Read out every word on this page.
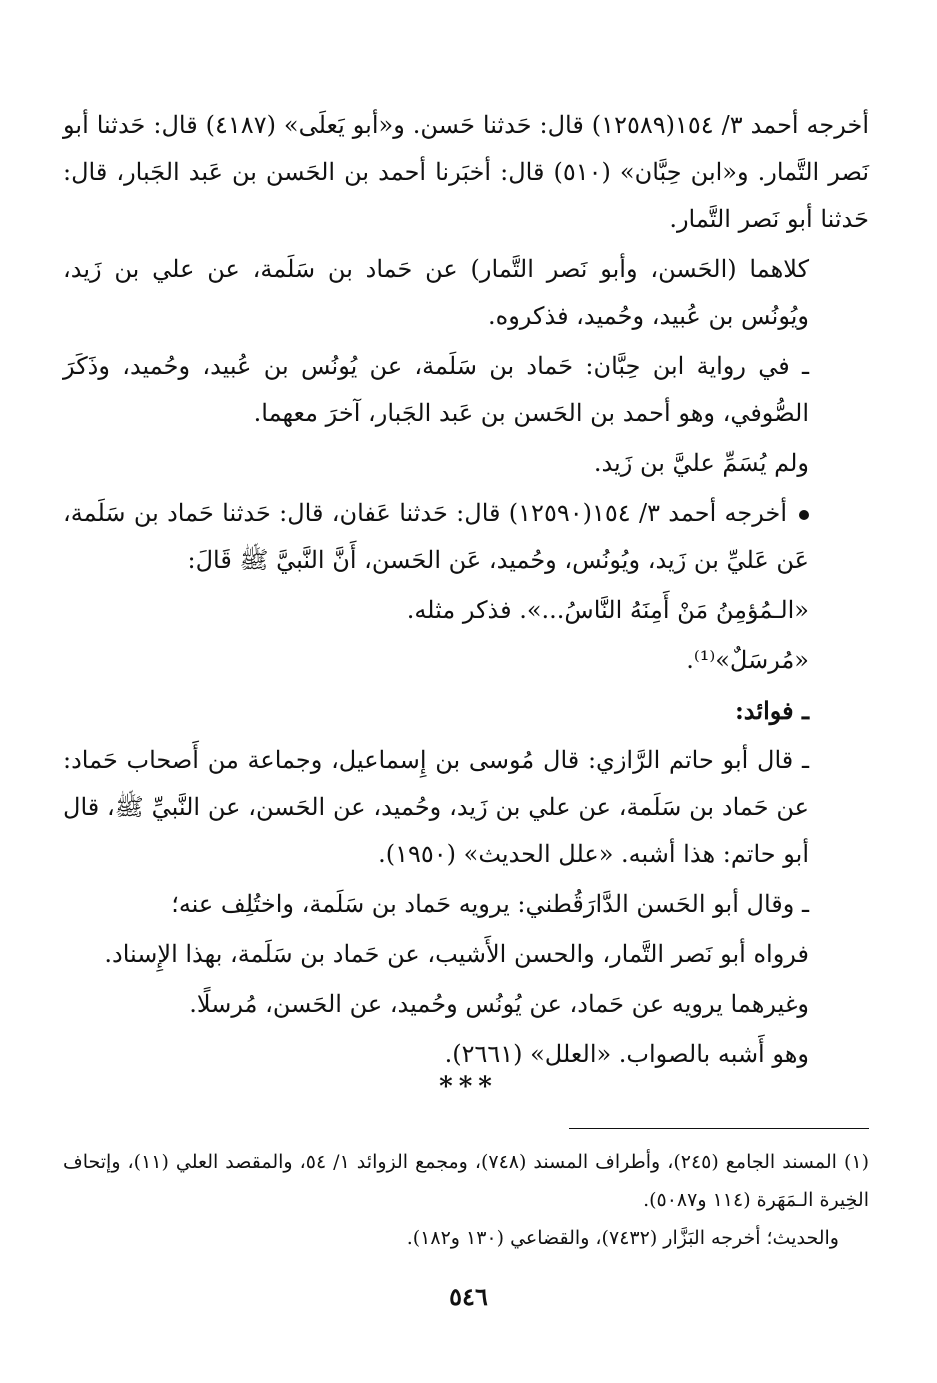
أخرجه أحمد ٣/ ١٥٤(١٢٥٨٩) قال: حَدثنا حَسن. و«أبو يَعلَى» (٤١٨٧) قال: حَدثنا أبو نَصر التَّمار. و«ابن حِبَّان» (٥١٠) قال: أخبَرنا أحمد بن الحَسن بن عَبد الجَبار، قال: حَدثنا أبو نَصر التَّمار.

كلاهما (الحَسن، وأبو نَصر التَّمار) عن حَماد بن سَلَمة، عن علي بن زَيد، ويُونُس بن عُبيد، وحُميد، فذكروه.

ـ في رواية ابن حِبَّان: حَماد بن سَلَمة، عن يُونُس بن عُبيد، وحُميد، وذَكَرَ الصُّوفي، وهو أحمد بن الحَسن بن عَبد الجَبار، آخرَ معهما.

ولم يُسَمِّ عليَّ بن زَيد.

أخرجه أحمد ٣/ ١٥٤(١٢٥٩٠) قال: حَدثنا عَفان، قال: حَدثنا حَماد بن سَلَمة، عَن عَليِّ بن زَيد، ويُونُس، وحُميد، عَن الحَسن، أَنَّ النَّبيَّ ﷺ قَالَ:

«الـمُؤمِنُ مَنْ أَمِنَهُ النَّاسُ...». فذكر مثله.

«مُرسَلٌ»⁽¹⁾.

ـ فوائد:

ـ قال أبو حاتم الرَّازي: قال مُوسى بن إِسماعيل، وجماعة من أَصحاب حَماد: عن حَماد بن سَلَمة، عن علي بن زَيد، وحُميد، عن الحَسن، عن النَّبيِّ ﷺ، قال أبو حاتم: هذا أشبه. «علل الحديث» (١٩٥٠).

ـ وقال أبو الحَسن الدَّارَقُطني: يرويه حَماد بن سَلَمة، واختُلِف عنه؛

فرواه أبو نَصر التَّمار، والحسن الأَشيب، عن حَماد بن سَلَمة، بهذا الإِسناد.

وغيرهما يرويه عن حَماد، عن يُونُس وحُميد، عن الحَسن، مُرسلًا.

وهو أَشبه بالصواب. «العلل» (٢٦٦١).

***

(١) المسند الجامع (٢٤٥)، وأطراف المسند (٧٤٨)، ومجمع الزوائد ١/ ٥٤، والمقصد العلي (١١)، وإتحاف الخِيرة الـمَهَرة (١١٤ و٥٠٨٧).

والحديث؛ أخرجه البَزَّار (٧٤٣٢)، والقضاعي (١٣٠ و١٨٢).

٥٤٦
